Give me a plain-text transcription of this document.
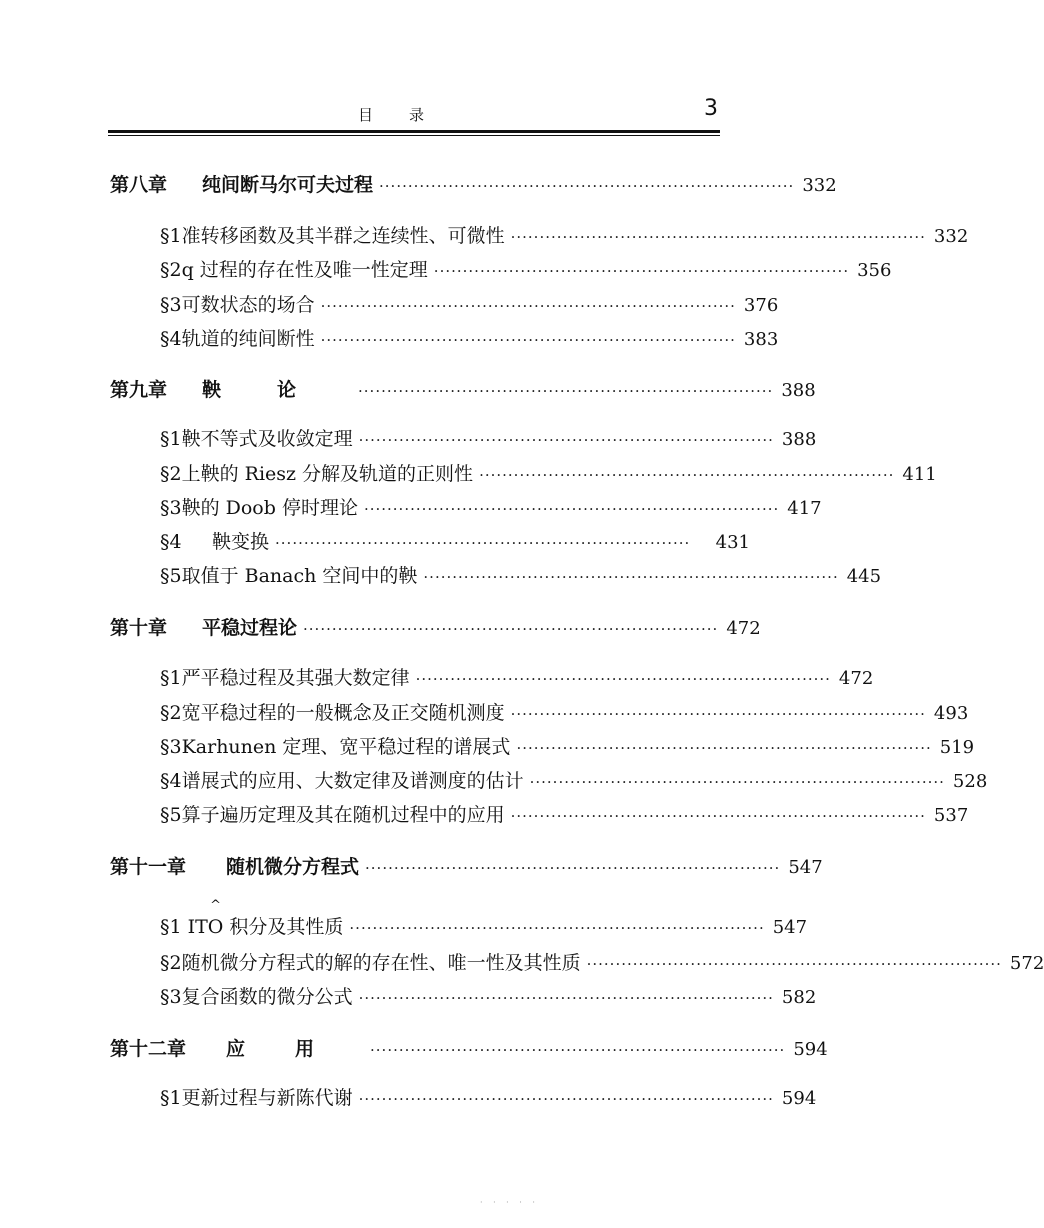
目录	3
第八章	纯间断马尔可夫过程 ········································································ 332
§1 准转移函数及其半群之连续性、可微性 ········································································ 332
§2 q 过程的存在性及唯一性定理 ········································································ 356
§3 可数状态的场合 ········································································ 376
§4 轨道的纯间断性 ········································································ 383
第九章	鞅论 ········································································ 388
§1 鞅不等式及收敛定理 ········································································ 388
§2 上鞅的 Riesz 分解及轨道的正则性 ········································································ 411
§3 鞅的 Doob 停时理论 ········································································ 417
§4	鞅变换 ········································································	431
§5 取值于 Banach 空间中的鞅 ········································································ 445
第十章	平稳过程论 ········································································ 472
§1 严平稳过程及其强大数定律 ········································································ 472
§2 宽平稳过程的一般概念及正交随机测度 ········································································ 493
§3 Karhunen 定理、宽平稳过程的谱展式 ········································································ 519
§4 谱展式的应用、大数定律及谱测度的估计 ········································································ 528
§5 算子遍历定理及其在随机过程中的应用 ········································································ 537
第十一章	随机微分方程式 ········································································ 547
§1 IT^ O 积分及其性质 ········································································ 547
§2 随机微分方程式的解的存在性、唯一性及其性质 ········································································ 572
§3 复合函数的微分公式 ········································································ 582
第十二章	应用 ········································································ 594
§1 更新过程与新陈代谢 ········································································ 594
· · · · ·
